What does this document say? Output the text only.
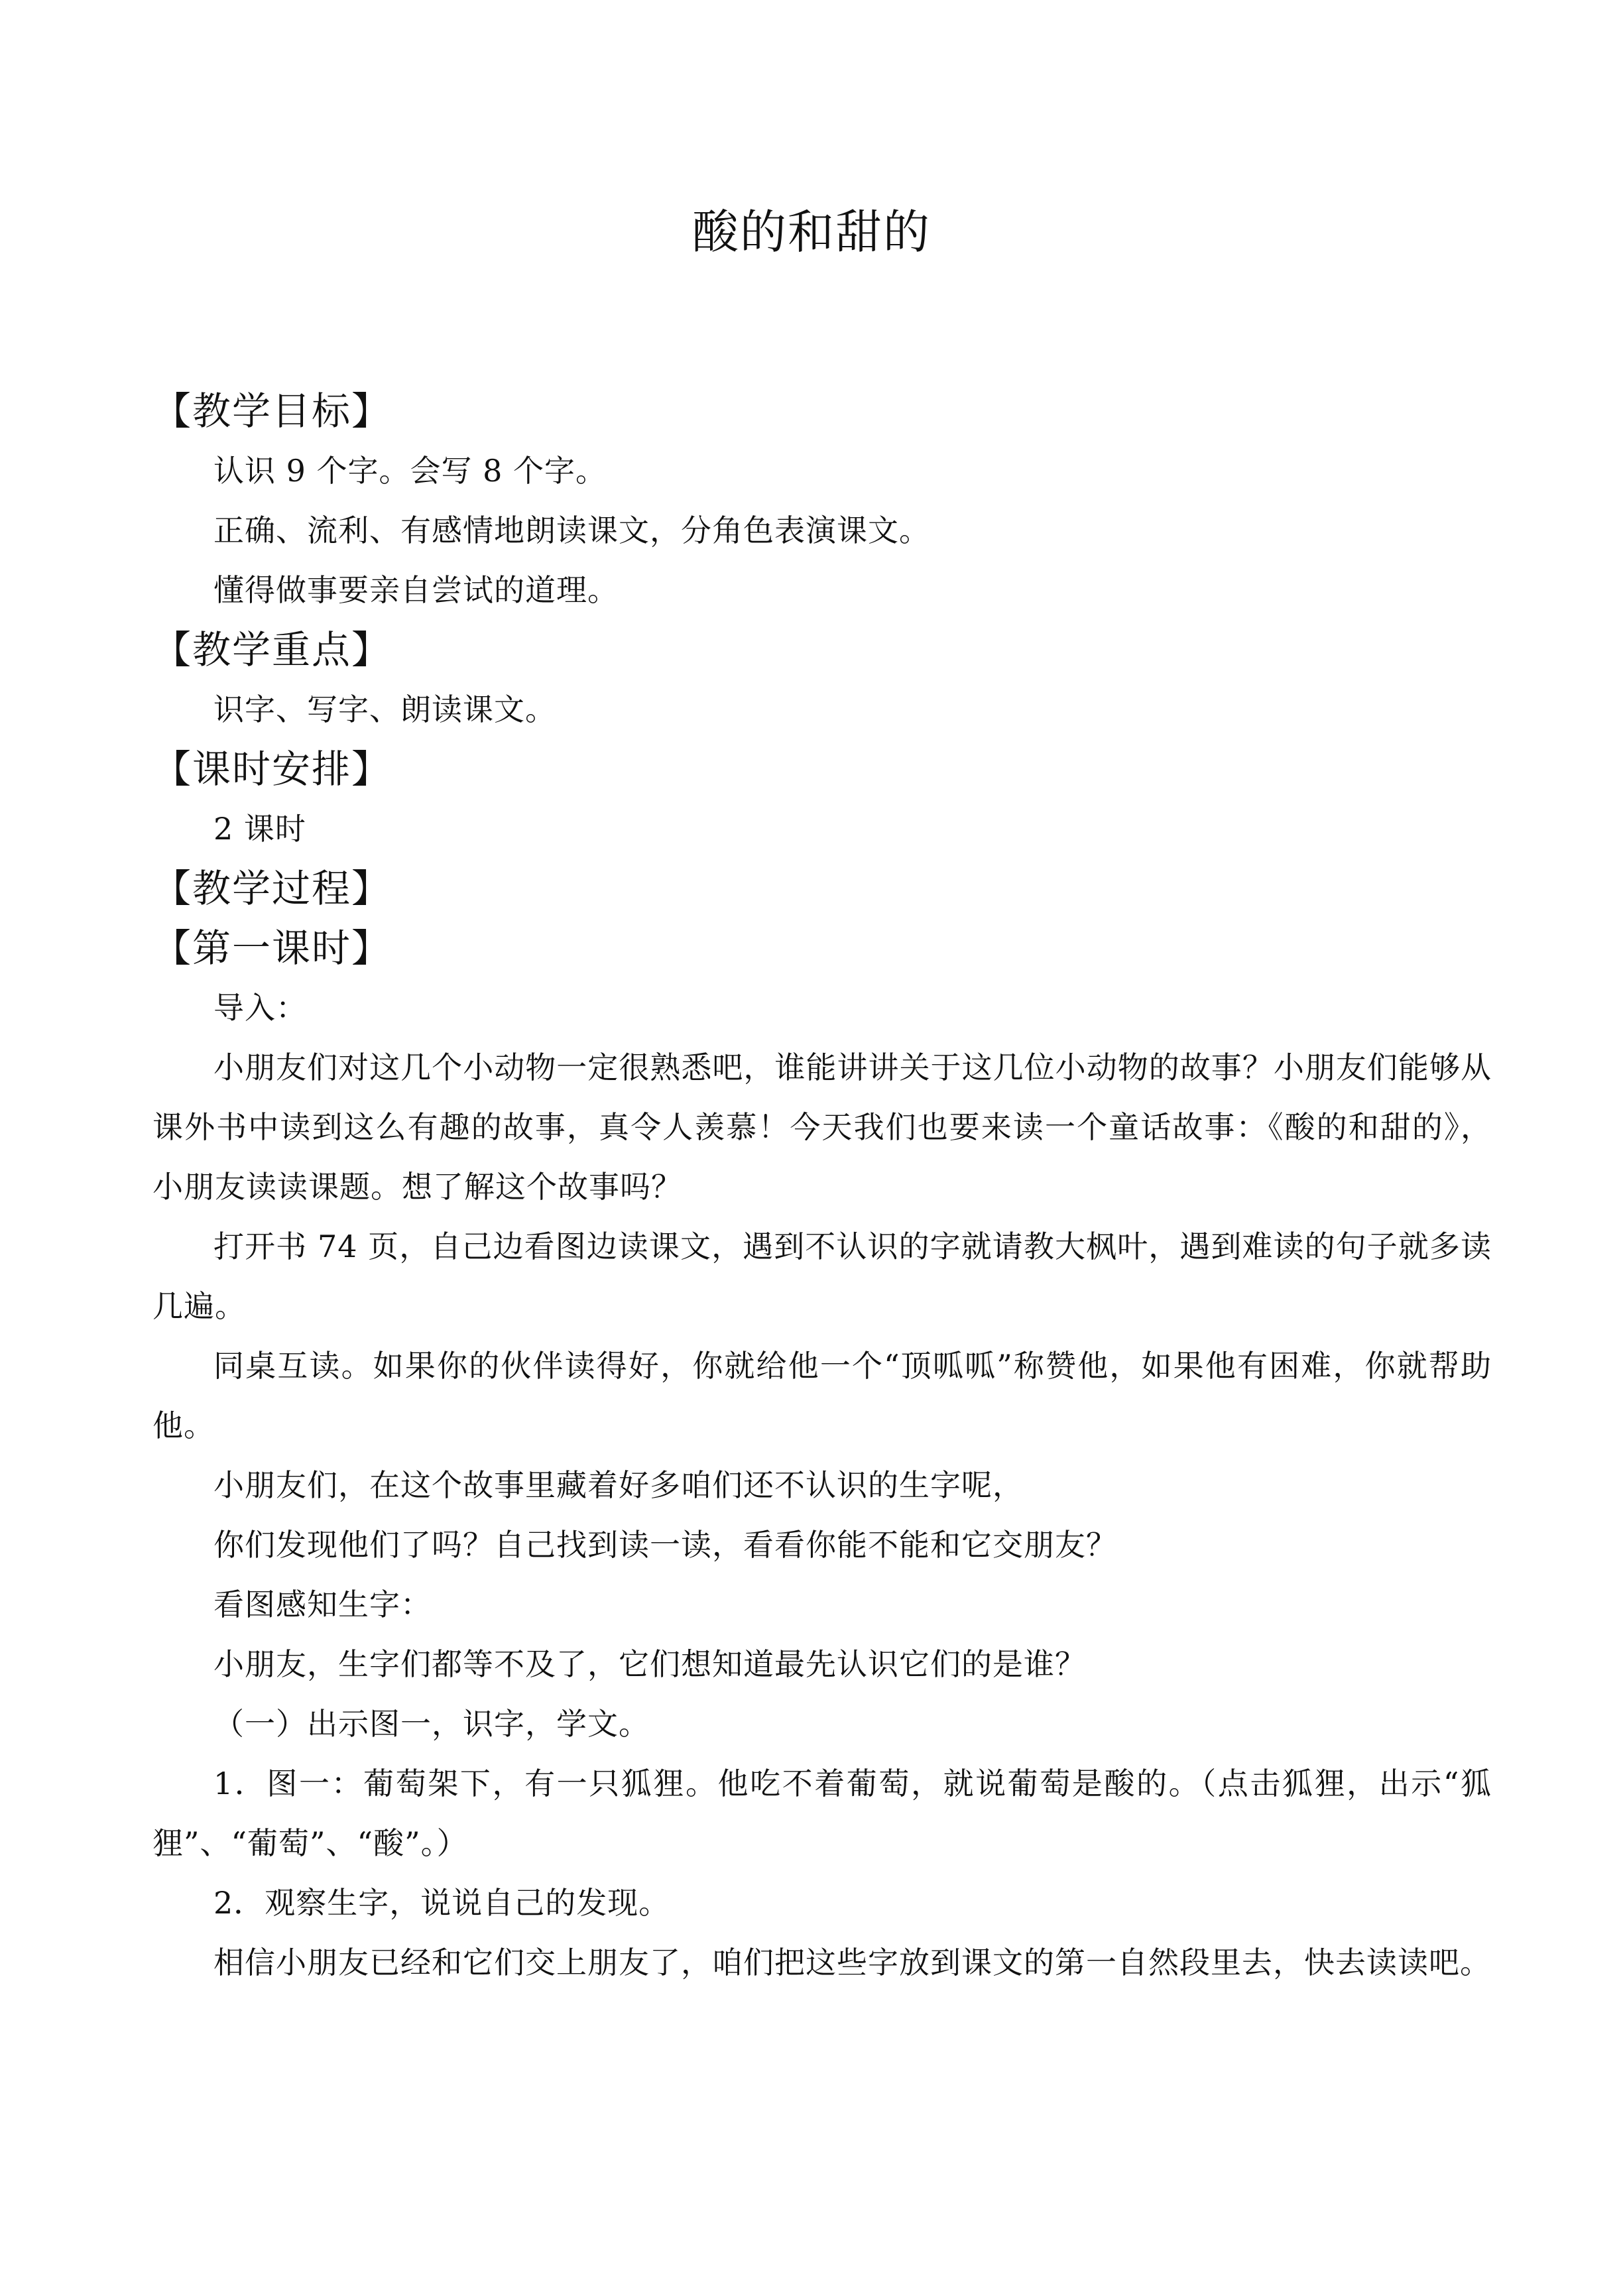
酸的和甜的
【教学目标】

认识 9 个字。会写 8 个字。

正确、流利、有感情地朗读课文，分角色表演课文。

懂得做事要亲自尝试的道理。

【教学重点】

识字、写字、朗读课文。

【课时安排】

2 课时

【教学过程】
【第一课时】

导入：

小朋友们对这几个小动物一定很熟悉吧，谁能讲讲关于这几位小动物的故事？小朋友们能够从课外书中读到这么有趣的故事，真令人羡慕！今天我们也要来读一个童话故事：《酸的和甜的》，小朋友读读课题。想了解这个故事吗？

打开书 74 页，自己边看图边读课文，遇到不认识的字就请教大枫叶，遇到难读的句子就多读几遍。

同桌互读。如果你的伙伴读得好，你就给他一个“顶呱呱”称赞他，如果他有困难，你就帮助他。

小朋友们，在这个故事里藏着好多咱们还不认识的生字呢，

你们发现他们了吗？自己找到读一读，看看你能不能和它交朋友？

看图感知生字：

小朋友，生字们都等不及了，它们想知道最先认识它们的是谁？

（一）出示图一，识字，学文。

1．图一：葡萄架下，有一只狐狸。他吃不着葡萄，就说葡萄是酸的。（点击狐狸，出示“狐狸”、“葡萄”、“酸”。）

2．观察生字，说说自己的发现。

相信小朋友已经和它们交上朋友了，咱们把这些字放到课文的第一自然段里去，快去读读吧。
